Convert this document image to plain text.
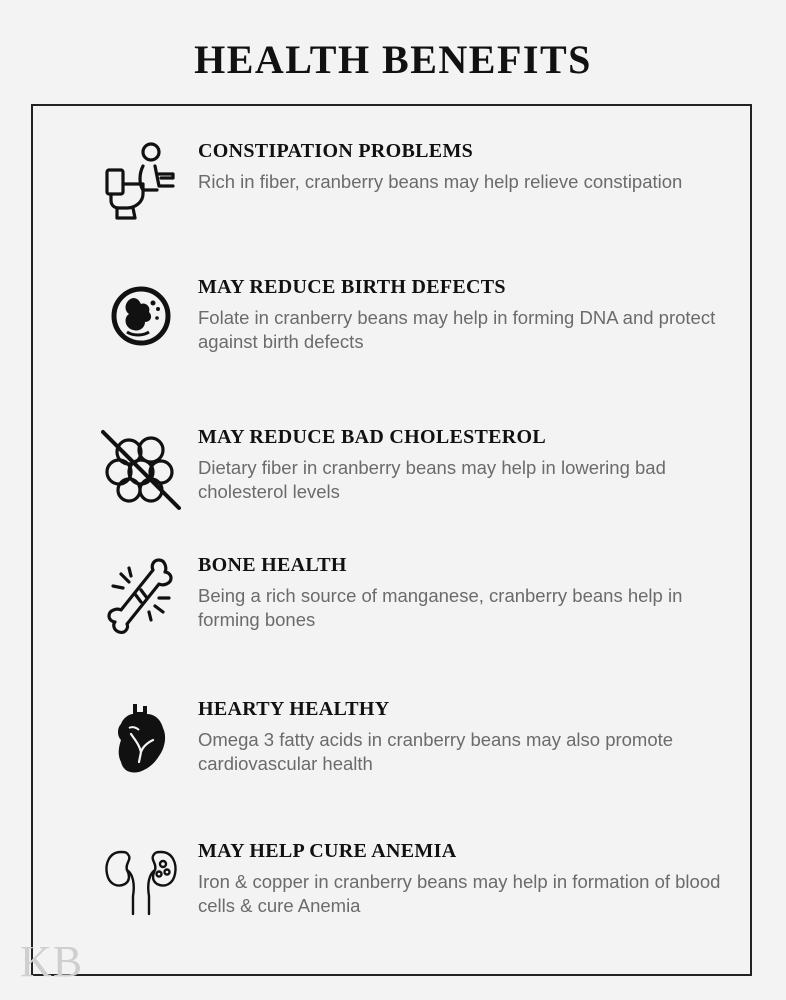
HEALTH BENEFITS
CONSTIPATION PROBLEMS
Rich in fiber, cranberry beans may help relieve constipation
MAY REDUCE BIRTH DEFECTS
Folate in cranberry beans may help in forming DNA and protect against birth defects
MAY REDUCE BAD CHOLESTEROL
Dietary fiber in cranberry beans may help in lowering bad cholesterol levels
BONE HEALTH
Being a rich source of manganese, cranberry beans help in forming bones
HEARTY HEALTHY
Omega 3 fatty acids in cranberry beans may also promote cardiovascular health
MAY HELP CURE ANEMIA
Iron & copper in cranberry beans may help in formation of blood cells & cure Anemia
KB
